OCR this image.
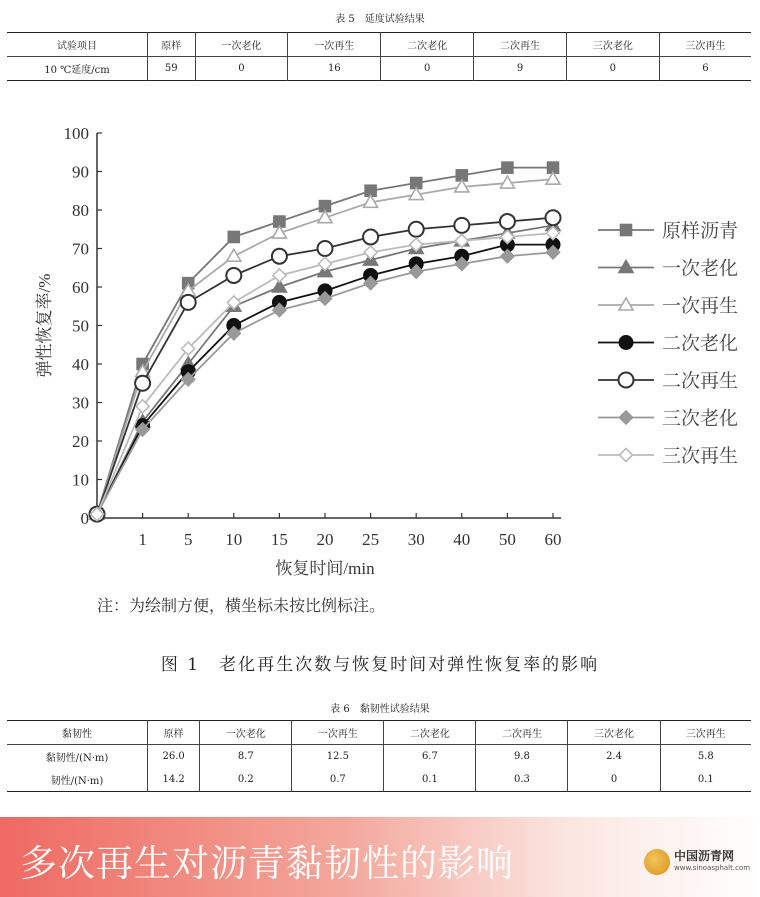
表 5　延度试验结果
试验项目	原样	一次老化	一次再生	二次老化	二次再生	三次老化	三次再生
10 ℃延度/cm	59	0	16	0	9	0	6
0
10
20
30
40
50
60
70
80
90
100
1 5 10 15 20 25 30 40 50 60
恢复时间/min
弹性恢复率/%
原样沥青
一次老化
一次再生
二次老化
二次再生
三次老化
三次再生
注：为绘制方便，横坐标未按比例标注。
图 1　老化再生次数与恢复时间对弹性恢复率的影响
表 6　黏韧性试验结果
黏韧性	原样	一次老化	一次再生	二次老化	二次再生	三次老化	三次再生
黏韧性/(N·m)	26.0	8.7	12.5	6.7	9.8	2.4	5.8
韧性/(N·m)	14.2	0.2	0.7	0.1	0.3	0	0.1
多次再生对沥青黏韧性的影响	中国沥青网
www.sinoasphalt.com
